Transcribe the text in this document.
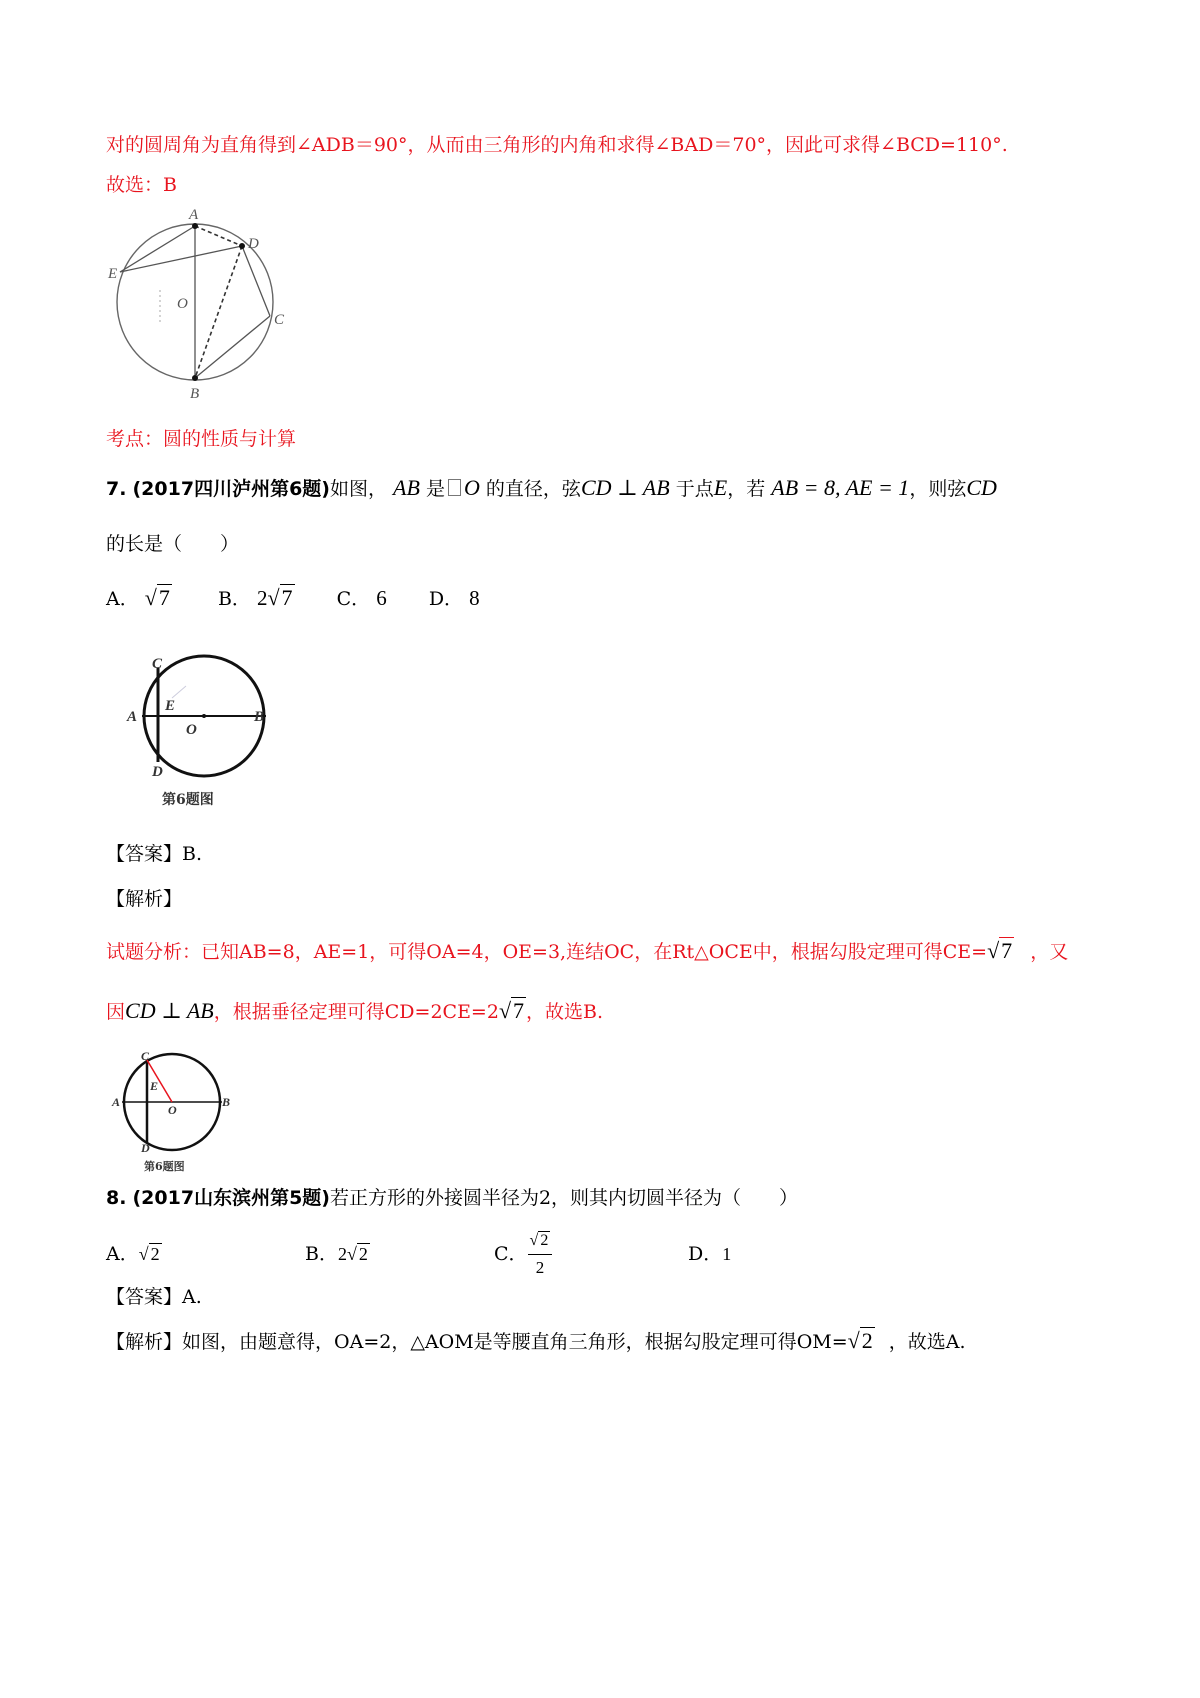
对的圆周角为直角得到∠ADB＝90°，从而由三角形的内角和求得∠BAD＝70°，因此可求得∠BCD=110°.
故选：B
A
D
E
O
C
B
考点：圆的性质与计算
7. (2017四川泸州第6题)如图， AB 是 O 的直径，弦CD ⊥ AB 于点E，若 AB = 8, AE = 1，则弦CD
的长是（　　）
A． √7	B． 2√7 C． 6 D． 8
C
A
E
O
B
D
第6题图
【答案】B.
【解析】
试题分析：已知AB=8，AE=1，可得OA=4，OE=3,连结OC，在Rt△OCE中，根据勾股定理可得CE=√7 ，又
因CD ⊥ AB，根据垂径定理可得CD=2CE=2√7 ，故选B.
C
A
E
O
B
D
第6题图
8. (2017山东滨州第5题)若正方形的外接圆半径为2，则其内切圆半径为（　　）
A．√ 2	B．2√ 2	C． $\frac{√ 2}{2}$	D．1
【答案】A.
【解析】如图，由题意得，OA=2，△AOM是等腰直角三角形，根据勾股定理可得OM=√2 ，故选A.
